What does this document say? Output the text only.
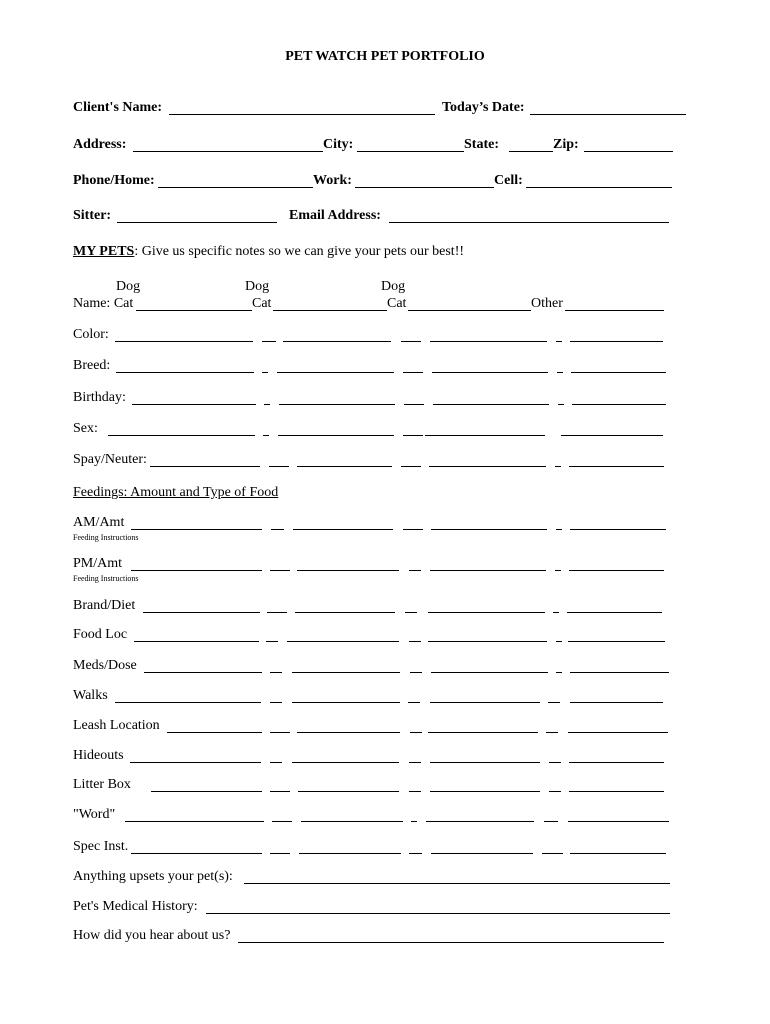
PET WATCH PET PORTFOLIO
Client's Name:	Today’s Date:
Address:	City:	State:	Zip:
Phone/Home:	Work:	Cell:
Sitter:	Email Address:
MY PETS: Give us specific notes so we can give your pets our best!!
Dog	Dog	Dog
Name: Cat	Cat	Cat	Other
Color:
Breed:
Birthday:
Sex:
Spay/Neuter:
Feedings: Amount and Type of Food
AM/Amt
Feeding Instructions
PM/Amt
Feeding Instructions
Brand/Diet
Food Loc
Meds/Dose
Walks
Leash Location
Hideouts
Litter Box
"Word"
Spec Inst.
Anything upsets your pet(s):
Pet's Medical History:
How did you hear about us?
